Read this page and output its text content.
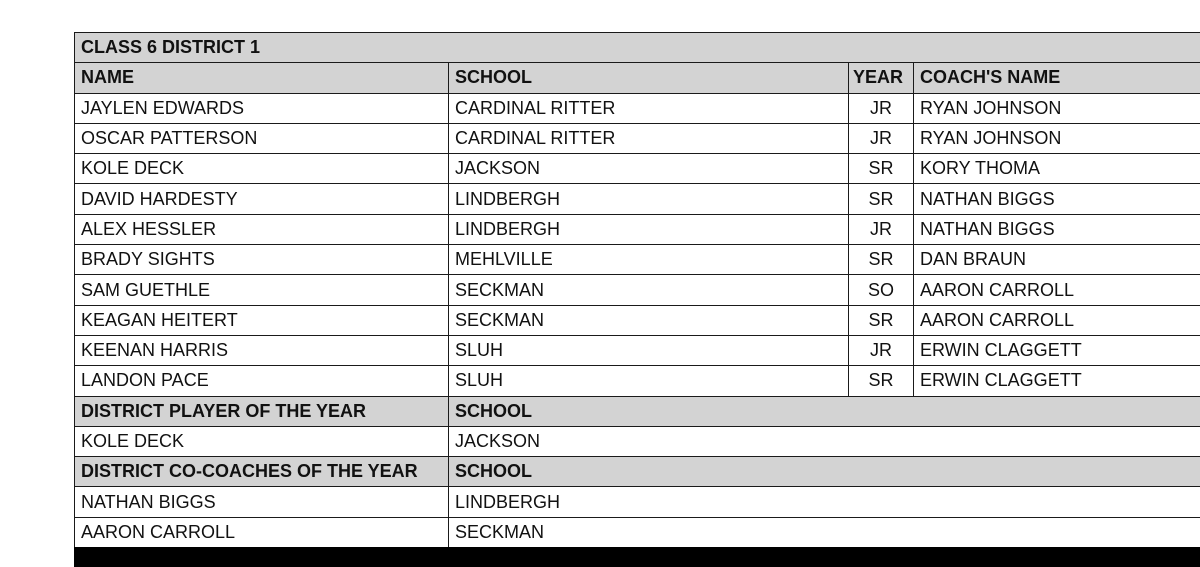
CLASS 6 DISTRICT 1			
NAME	SCHOOL	YEAR	COACH'S NAME
JAYLEN EDWARDS	CARDINAL RITTER	JR	RYAN JOHNSON
OSCAR PATTERSON	CARDINAL RITTER	JR	RYAN JOHNSON
KOLE DECK	JACKSON	SR	KORY THOMA
DAVID HARDESTY	LINDBERGH	SR	NATHAN BIGGS
ALEX HESSLER	LINDBERGH	JR	NATHAN BIGGS
BRADY SIGHTS	MEHLVILLE	SR	DAN BRAUN
SAM GUETHLE	SECKMAN	SO	AARON CARROLL
KEAGAN HEITERT	SECKMAN	SR	AARON CARROLL
KEENAN HARRIS	SLUH	JR	ERWIN CLAGGETT
LANDON PACE	SLUH	SR	ERWIN CLAGGETT
DISTRICT PLAYER OF THE YEAR	SCHOOL		
KOLE DECK	JACKSON		
DISTRICT CO-COACHES OF THE YEAR	SCHOOL		
NATHAN BIGGS	LINDBERGH		
AARON CARROLL	SECKMAN		
